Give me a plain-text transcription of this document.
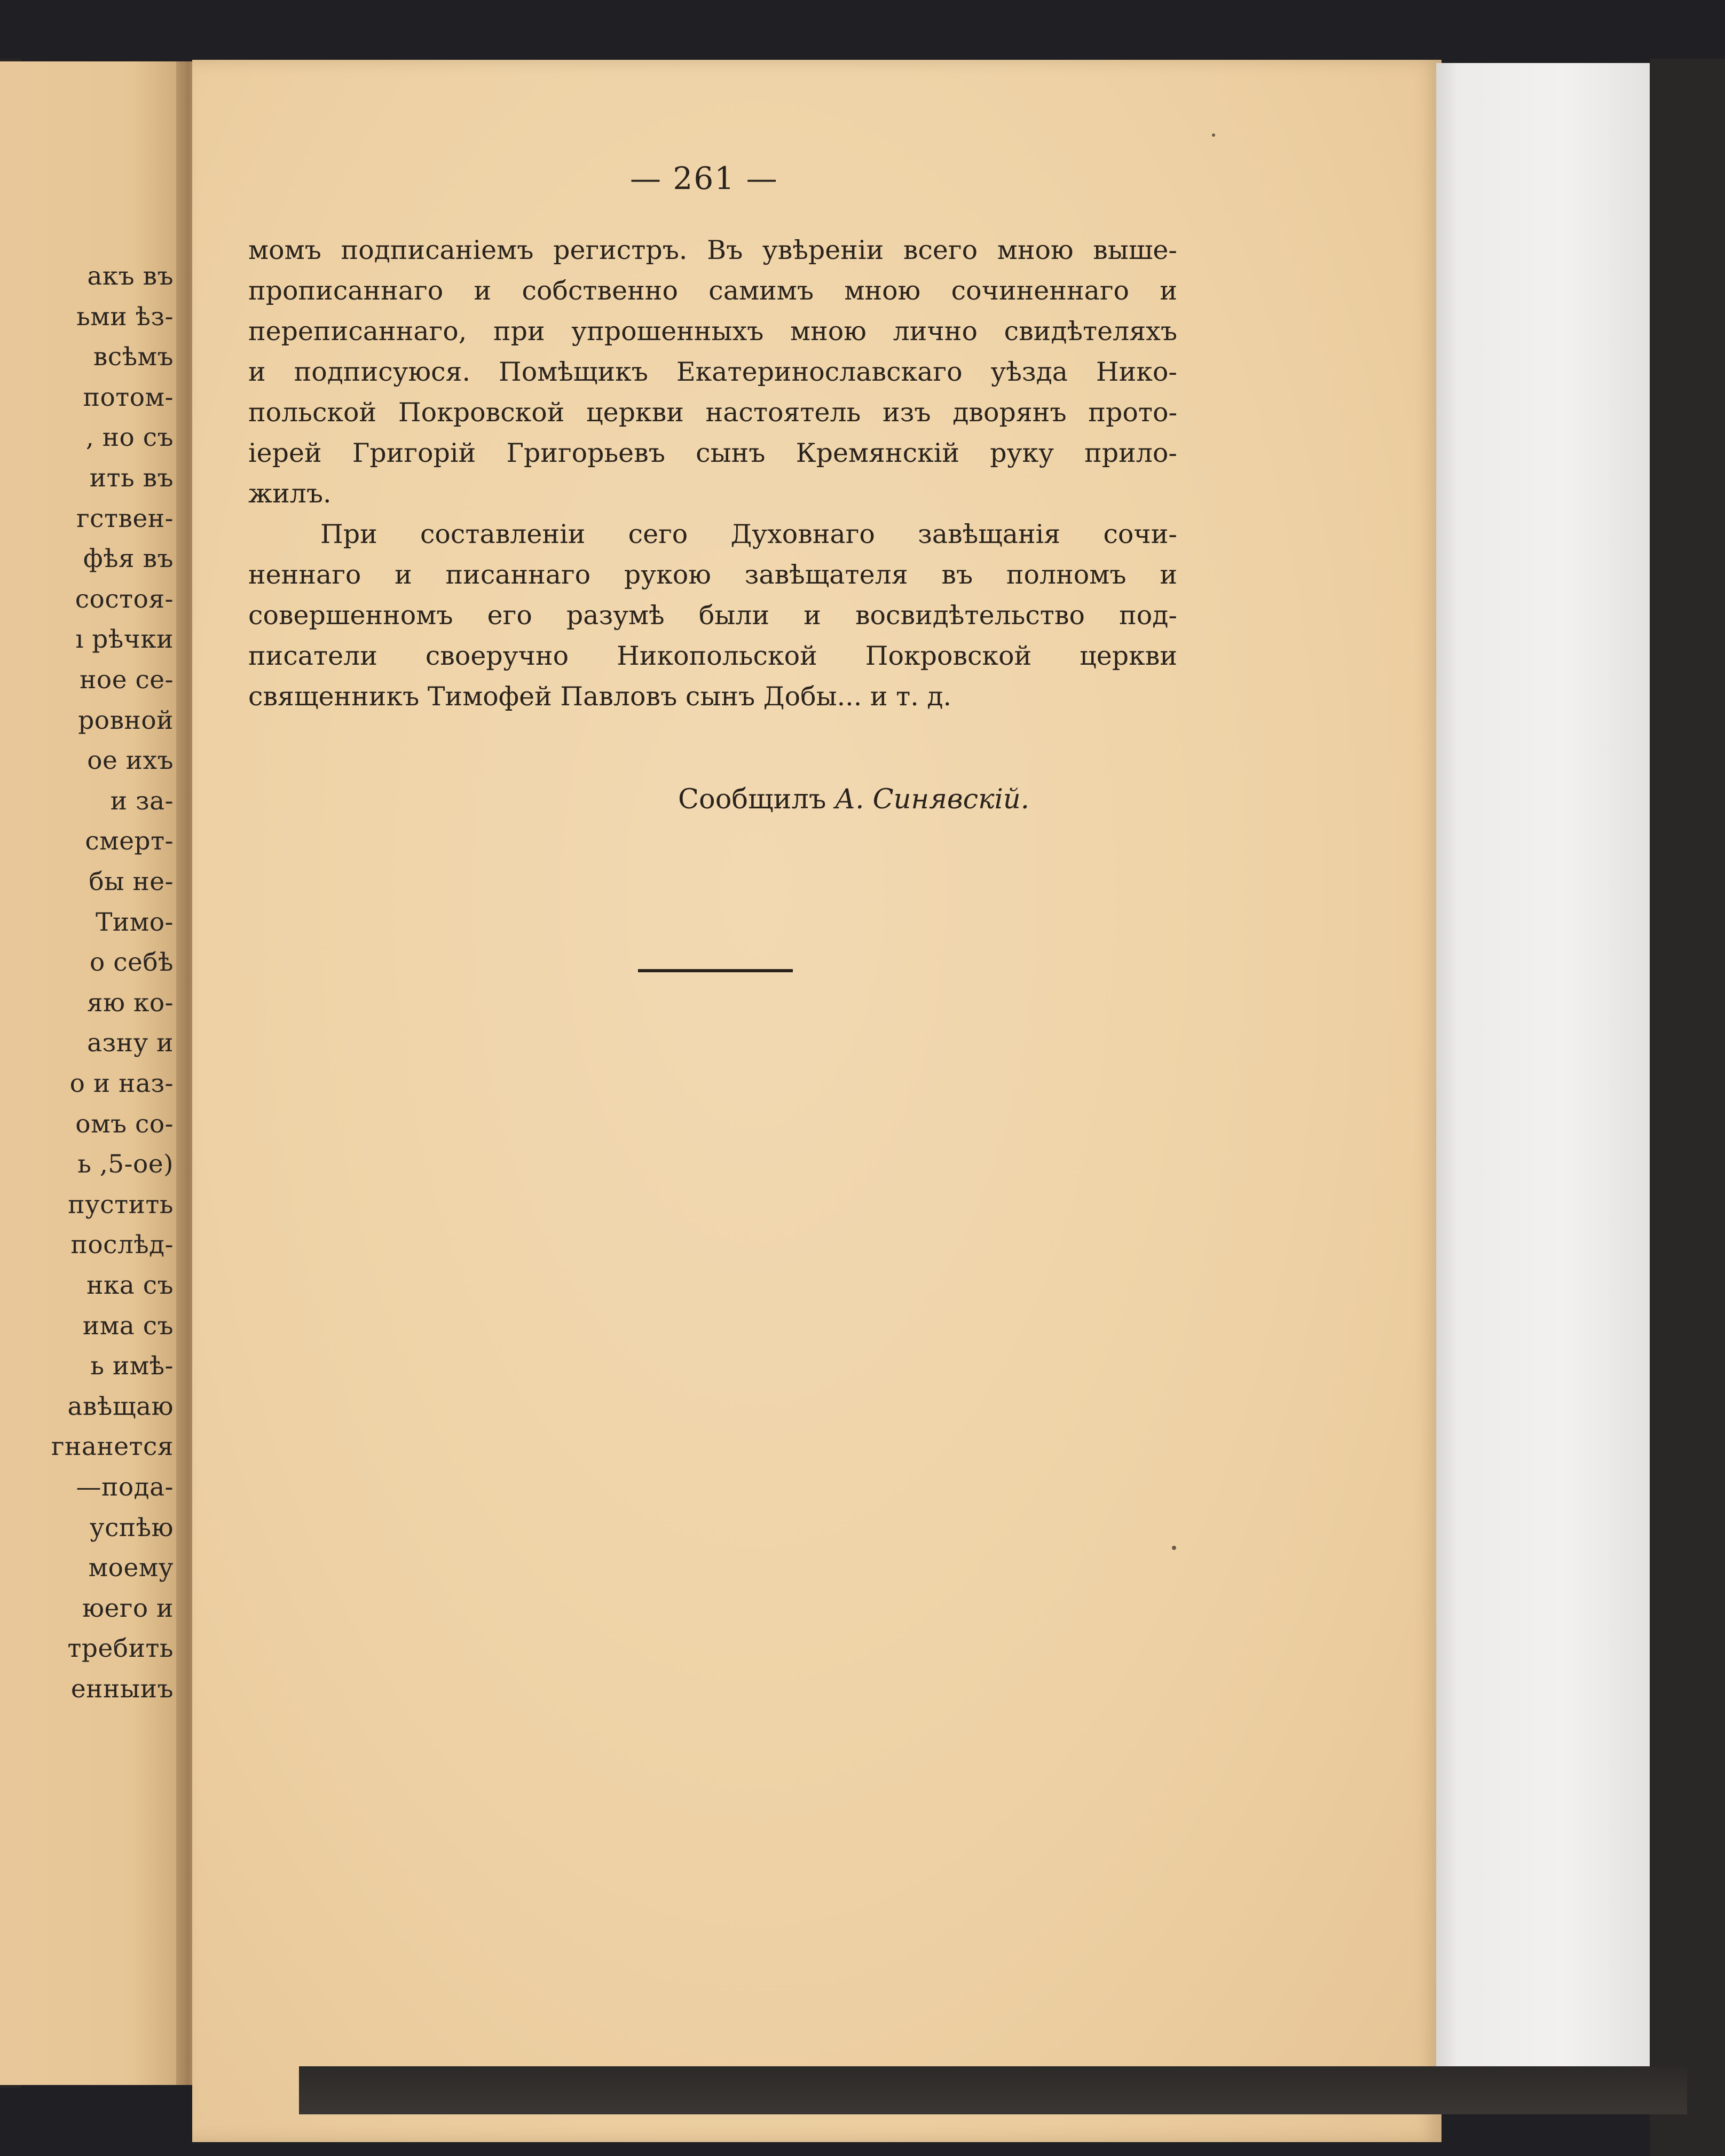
акъ въ
ьми ѣз-
всѣмъ
потом-
, но съ
ить въ
гствен-
фѣя въ
состоя-
ı рѣчки
ное се-
ровной
ое ихъ
и за-
смерт-
бы не-
Тимо-
о себѣ
яю ко-
азну и
о и наз-
омъ со-
ь ,5-ое)
пустить
послѣд-
нка съ
има съ
ь имѣ-
авѣщаю
гнанется
—пода-
успѣю
моему
юего и
требить
енныиъ
— 261 —
момъ подписаніемъ регистръ. Въ увѣреніи всего мною выше-
прописаннаго и собственно самимъ мною сочиненнаго и
переписаннаго, при упрошенныхъ мною лично свидѣтеляхъ
и подписуюся. Помѣщикъ Екатеринославскаго уѣзда Нико-
польской Покровской церкви настоятель изъ дворянъ прото-
іерей Григорій Григорьевъ сынъ Кремянскій руку прило-
жилъ.
При составленіи сего Духовнаго завѣщанія сочи-
неннаго и писаннаго рукою завѣщателя въ полномъ и
совершенномъ его разумѣ были и восвидѣтельство под-
писатели своеручно Никопольской Покровской церкви
священникъ Тимофей Павловъ сынъ Добы... и т. д.
Сообщилъ А. Синявскій.
